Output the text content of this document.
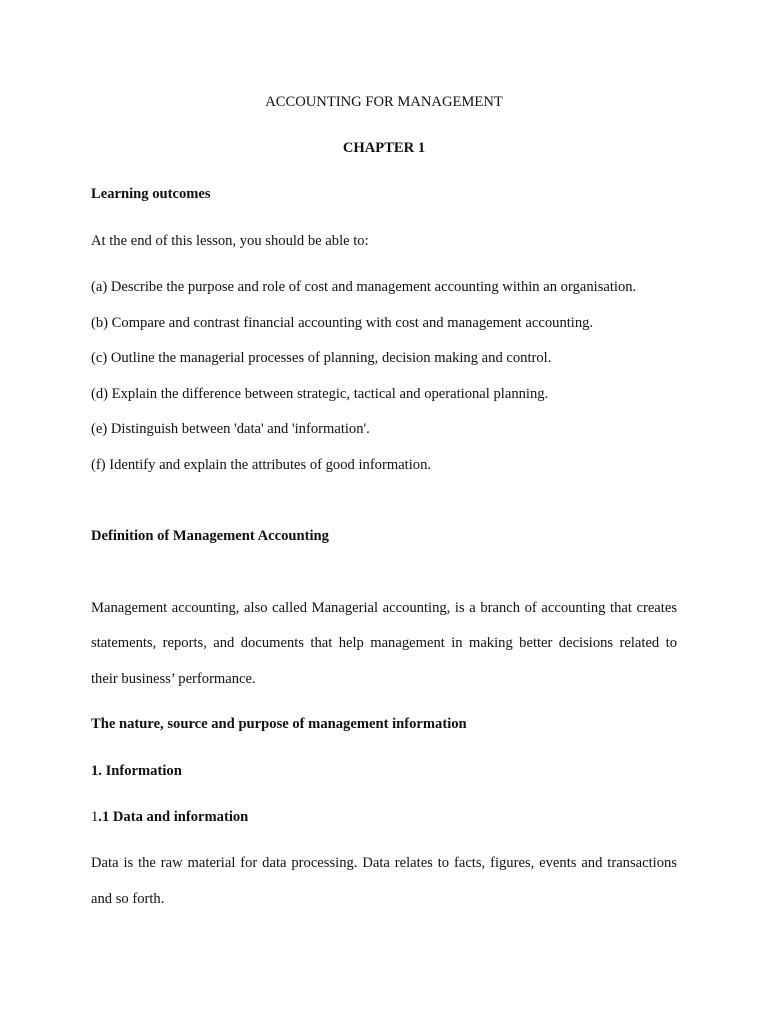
ACCOUNTING FOR MANAGEMENT
CHAPTER 1
Learning outcomes
At the end of this lesson, you should be able to:
(a) Describe the purpose and role of cost and management accounting within an organisation.
(b) Compare and contrast financial accounting with cost and management accounting.
(c) Outline the managerial processes of planning, decision making and control.
(d) Explain the difference between strategic, tactical and operational planning.
(e) Distinguish between 'data' and 'information'.
(f) Identify and explain the attributes of good information.
Definition of Management Accounting
Management accounting, also called Managerial accounting, is a branch of accounting that creates
statements, reports, and documents that help management in making better decisions related to
their business’ performance.
The nature, source and purpose of management information
1. Information
1.1 Data and information
Data is the raw material for data processing. Data relates to facts, figures, events and transactions
and so forth.
